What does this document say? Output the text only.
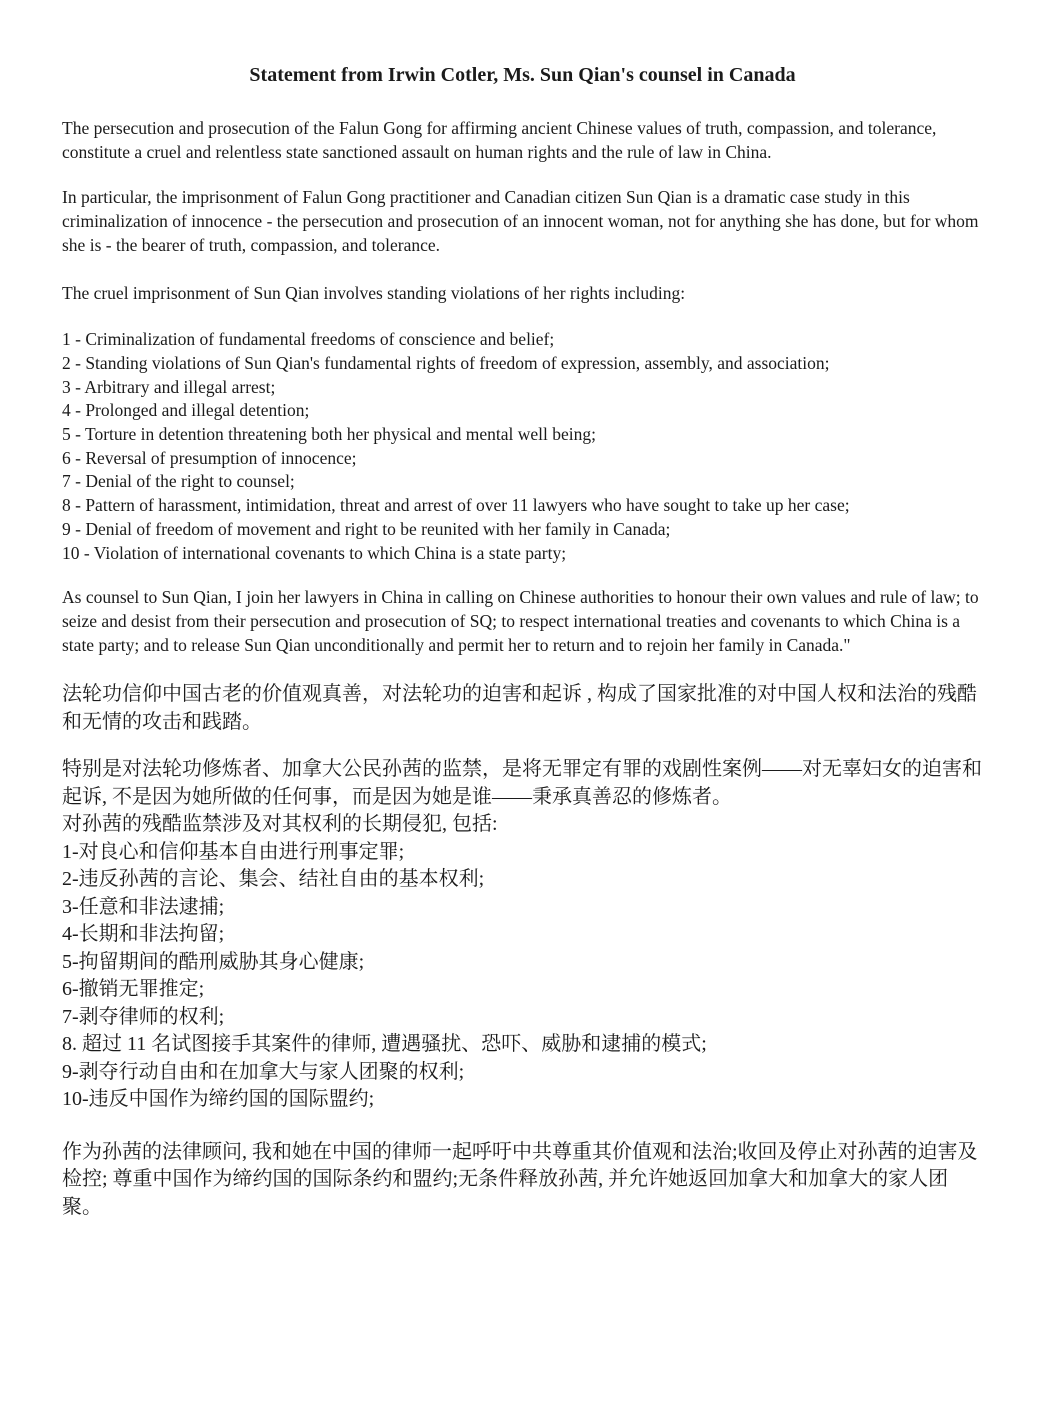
Statement from Irwin Cotler, Ms. Sun Qian's counsel in Canada

The persecution and prosecution of the Falun Gong for affirming ancient Chinese values of truth, compassion, and tolerance, constitute a cruel and relentless state sanctioned assault on human rights and the rule of law in China.

In particular, the imprisonment of Falun Gong practitioner and Canadian citizen Sun Qian is a dramatic case study in this criminalization of innocence - the persecution and prosecution of an innocent woman, not for anything she has done, but for whom she is - the bearer of truth, compassion, and tolerance.

The cruel imprisonment of Sun Qian involves standing violations of her rights including:

1 - Criminalization of fundamental freedoms of conscience and belief;

2 - Standing violations of Sun Qian's fundamental rights of freedom of expression, assembly, and association;

3 - Arbitrary and illegal arrest;

4 - Prolonged and illegal detention;

5 - Torture in detention threatening both her physical and mental well being;

6 - Reversal of presumption of innocence;

7 - Denial of the right to counsel;

8 - Pattern of harassment, intimidation, threat and arrest of over 11 lawyers who have sought to take up her case;

9 - Denial of freedom of movement and right to be reunited with her family in Canada;

10 - Violation of international covenants to which China is a state party;

As counsel to Sun Qian, I join her lawyers in China in calling on Chinese authorities to honour their own values and rule of law; to seize and desist from their persecution and prosecution of SQ; to respect international treaties and covenants to which China is a state party; and to release Sun Qian unconditionally and permit her to return and to rejoin her family in Canada."

法轮功信仰中国古老的价值观真善，对法轮功的迫害和起诉 , 构成了国家批准的对中国人权和法治的残酷和无情的攻击和践踏。

特别是对法轮功修炼者、加拿大公民孙茜的监禁，是将无罪定有罪的戏剧性案例——对无辜妇女的迫害和起诉, 不是因为她所做的任何事，而是因为她是谁——秉承真善忍的修炼者。

对孙茜的残酷监禁涉及对其权利的长期侵犯, 包括:

1-对良心和信仰基本自由进行刑事定罪;

2-违反孙茜的言论、集会、结社自由的基本权利;

3-任意和非法逮捕;

4-长期和非法拘留;

5-拘留期间的酷刑威胁其身心健康;

6-撤销无罪推定;

7-剥夺律师的权利;

8. 超过 11 名试图接手其案件的律师, 遭遇骚扰、恐吓、威胁和逮捕的模式;

9-剥夺行动自由和在加拿大与家人团聚的权利;

10-违反中国作为缔约国的国际盟约;

作为孙茜的法律顾问, 我和她在中国的律师一起呼吁中共尊重其价值观和法治;收回及停止对孙茜的迫害及检控; 尊重中国作为缔约国的国际条约和盟约;无条件释放孙茜, 并允许她返回加拿大和加拿大的家人团聚。
